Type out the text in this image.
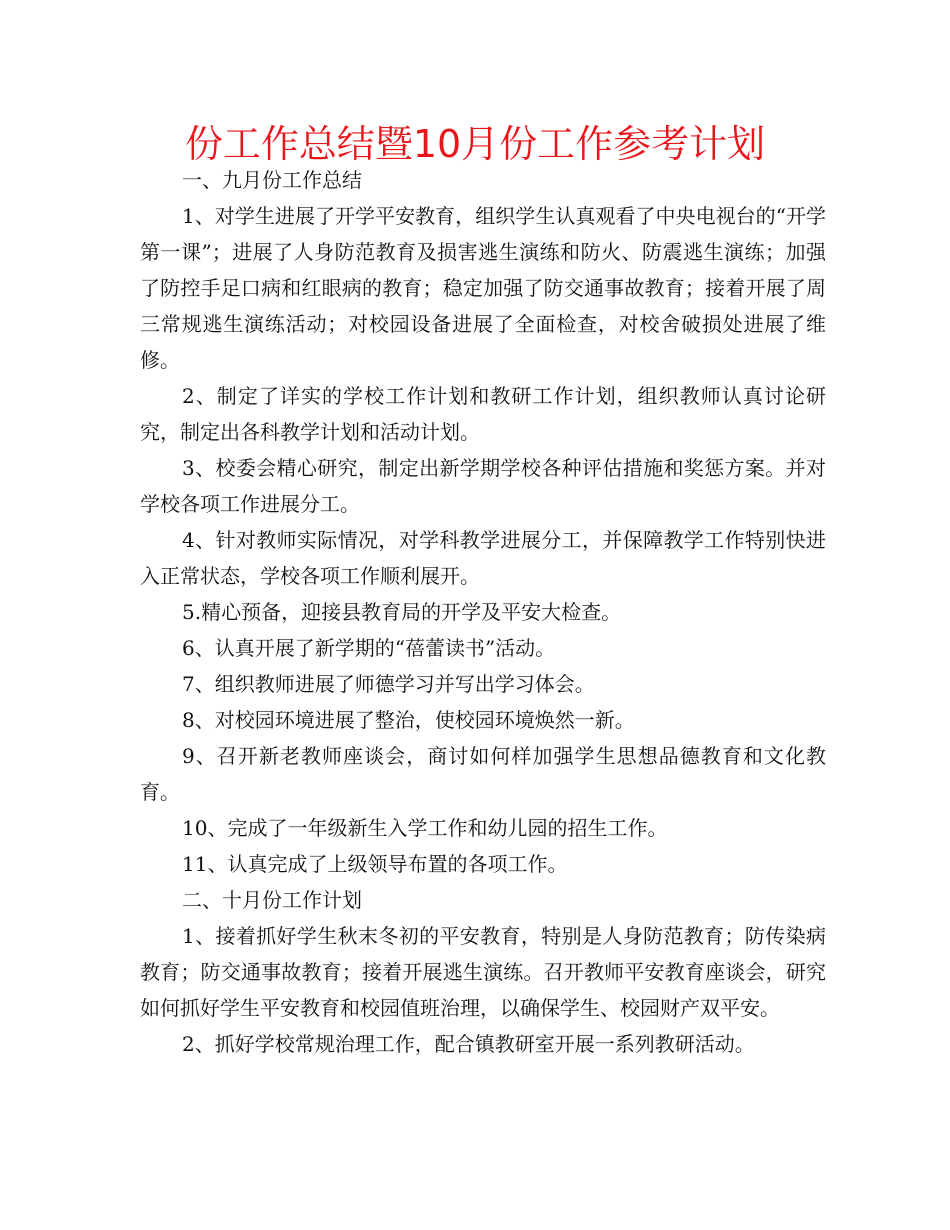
份工作总结暨10月份工作参考计划

一、九月份工作总结

1、对学生进展了开学平安教育，组织学生认真观看了中央电视台的“开学第一课”；进展了人身防范教育及损害逃生演练和防火、防震逃生演练；加强了防控手足口病和红眼病的教育；稳定加强了防交通事故教育；接着开展了周三常规逃生演练活动；对校园设备进展了全面检查，对校舍破损处进展了维修。

2、制定了详实的学校工作计划和教研工作计划，组织教师认真讨论研究，制定出各科教学计划和活动计划。

3、校委会精心研究，制定出新学期学校各种评估措施和奖惩方案。并对学校各项工作进展分工。

4、针对教师实际情况，对学科教学进展分工，并保障教学工作特别快进入正常状态，学校各项工作顺利展开。

5.精心预备，迎接县教育局的开学及平安大检查。

6、认真开展了新学期的“蓓蕾读书”活动。

7、组织教师进展了师德学习并写出学习体会。

8、对校园环境进展了整治，使校园环境焕然一新。

9、召开新老教师座谈会，商讨如何样加强学生思想品德教育和文化教育。

10、完成了一年级新生入学工作和幼儿园的招生工作。

11、认真完成了上级领导布置的各项工作。

二、十月份工作计划

1、接着抓好学生秋末冬初的平安教育，特别是人身防范教育；防传染病教育；防交通事故教育；接着开展逃生演练。召开教师平安教育座谈会，研究如何抓好学生平安教育和校园值班治理，以确保学生、校园财产双平安。

2、抓好学校常规治理工作，配合镇教研室开展一系列教研活动。
